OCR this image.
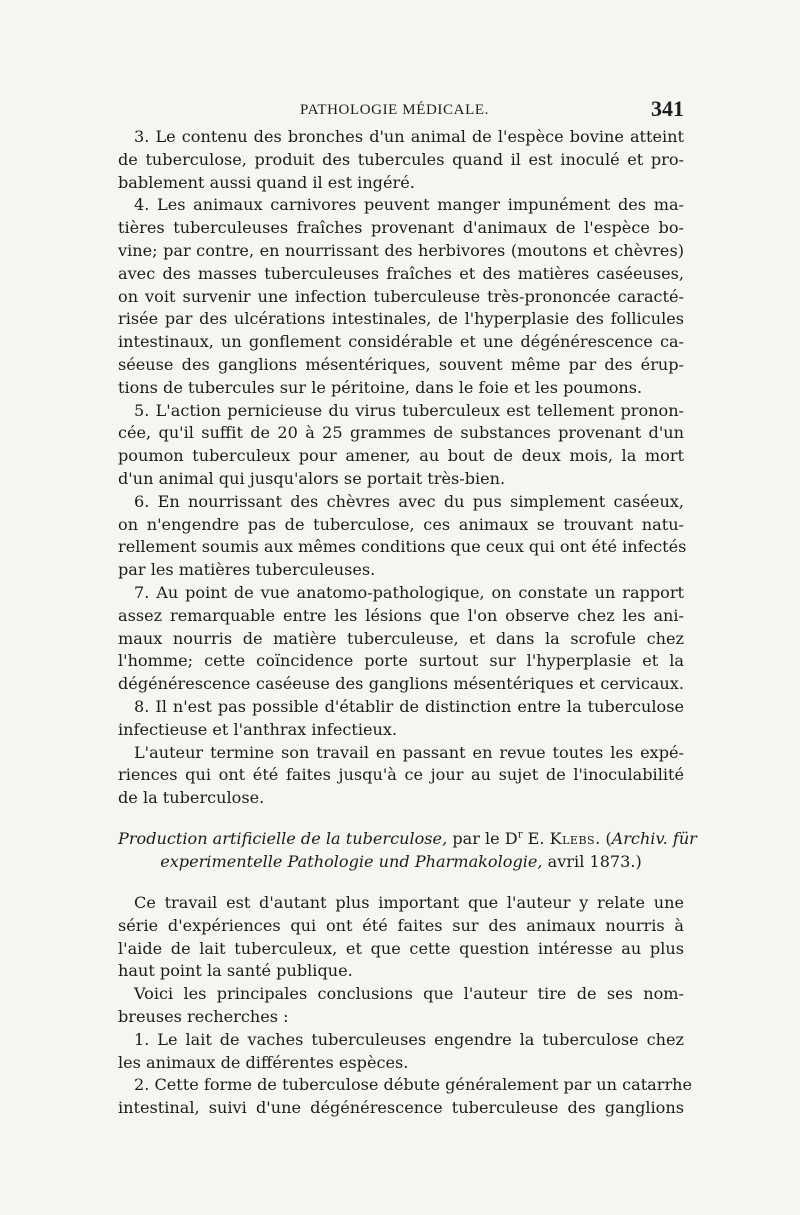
PATHOLOGIE MÉDICALE.	341
3. Le contenu des bronches d'un animal de l'espèce bovine atteint
de tuberculose, produit des tubercules quand il est inoculé et pro-
bablement aussi quand il est ingéré.
4. Les animaux carnivores peuvent manger impunément des ma-
tières tuberculeuses fraîches provenant d'animaux de l'espèce bo-
vine; par contre, en nourrissant des herbivores (moutons et chèvres)
avec des masses tuberculeuses fraîches et des matières caséeuses,
on voit survenir une infection tuberculeuse très-prononcée caracté-
risée par des ulcérations intestinales, de l'hyperplasie des follicules
intestinaux, un gonflement considérable et une dégénérescence ca-
séeuse des ganglions mésentériques, souvent même par des érup-
tions de tubercules sur le péritoine, dans le foie et les poumons.
5. L'action pernicieuse du virus tuberculeux est tellement pronon-
cée, qu'il suffit de 20 à 25 grammes de substances provenant d'un
poumon tuberculeux pour amener, au bout de deux mois, la mort
d'un animal qui jusqu'alors se portait très-bien.
6. En nourrissant des chèvres avec du pus simplement caséeux,
on n'engendre pas de tuberculose, ces animaux se trouvant natu-
rellement soumis aux mêmes conditions que ceux qui ont été infectés
par les matières tuberculeuses.
7. Au point de vue anatomo-pathologique, on constate un rapport
assez remarquable entre les lésions que l'on observe chez les ani-
maux nourris de matière tuberculeuse, et dans la scrofule chez
l'homme; cette coïncidence porte surtout sur l'hyperplasie et la
dégénérescence caséeuse des ganglions mésentériques et cervicaux.
8. Il n'est pas possible d'établir de distinction entre la tuberculose
infectieuse et l'anthrax infectieux.
L'auteur termine son travail en passant en revue toutes les expé-
riences qui ont été faites jusqu'à ce jour au sujet de l'inoculabilité
de la tuberculose.
Production artificielle de la tuberculose, par le $D^r$ E. Klebs. (Archiv. für
experimentelle Pathologie und Pharmakologie, avril 1873.)
Ce travail est d'autant plus important que l'auteur y relate une
série d'expériences qui ont été faites sur des animaux nourris à
l'aide de lait tuberculeux, et que cette question intéresse au plus
haut point la santé publique.
Voici les principales conclusions que l'auteur tire de ses nom-
breuses recherches :
1. Le lait de vaches tuberculeuses engendre la tuberculose chez
les animaux de différentes espèces.
2. Cette forme de tuberculose débute généralement par un catarrhe
intestinal, suivi d'une dégénérescence tuberculeuse des ganglions
